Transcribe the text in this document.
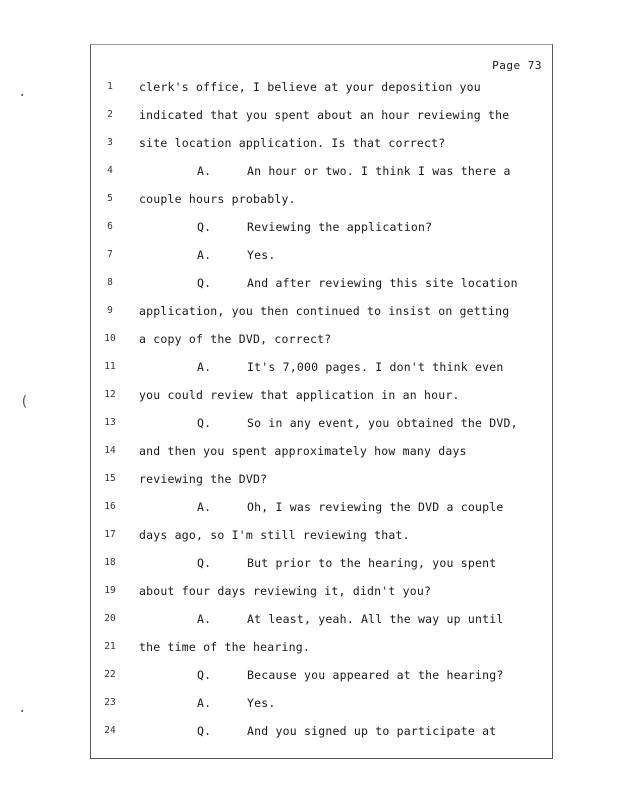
·
(
·
Page 73
1	clerk's office, I believe at your deposition you
2	indicated that you spent about an hour reviewing the
3	site location application. Is that correct?
4	A.	An hour or two. I think I was there a
5	couple hours probably.
6	Q.	Reviewing the application?
7	A.	Yes.
8	Q.	And after reviewing this site location
9	application, you then continued to insist on getting
10 a copy of the DVD, correct?
11	A.	It's 7,000 pages. I don't think even
12 you could review that application in an hour.
13	Q.	So in any event, you obtained the DVD,
14 and then you spent approximately how many days
15 reviewing the DVD?
16	A.	Oh, I was reviewing the DVD a couple
17 days ago, so I'm still reviewing that.
18	Q.	But prior to the hearing, you spent
19 about four days reviewing it, didn't you?
20	A.	At least, yeah. All the way up until
21 the time of the hearing.
22	Q.	Because you appeared at the hearing?
23	A.	Yes.
24	Q.	And you signed up to participate at
